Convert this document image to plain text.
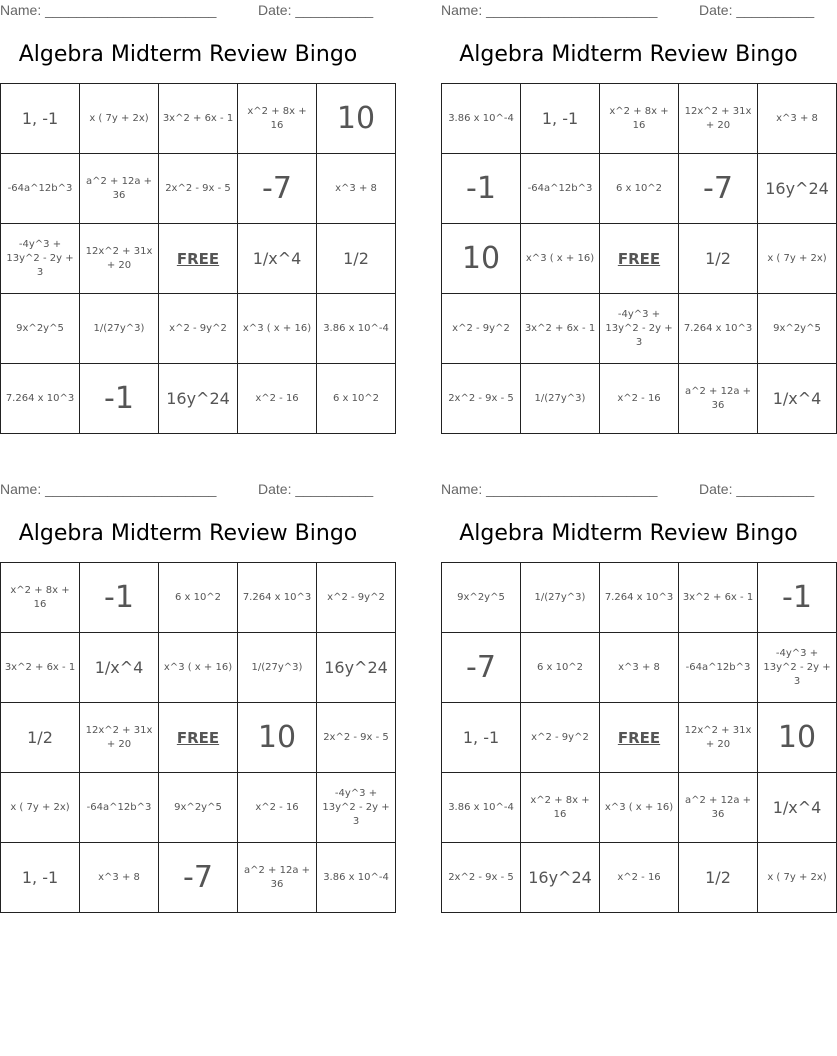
Name: ______________________	Date: __________
Algebra Midterm Review Bingo
1, -1	x ( 7y + 2x)	3x^2 + 6x - 1	x^2 + 8x + 16	10
-64a^12b^3	a^2 + 12a + 36	2x^2 - 9x - 5	-7	x^3 + 8
-4y^3 + 13y^2 - 2y + 3	12x^2 + 31x + 20	FREE	1/x^4	1/2
9x^2y^5	1/(27y^3)	x^2 - 9y^2	x^3 ( x + 16)	3.86 x 10^-4
7.264 x 10^3	-1	16y^24	x^2 - 16	6 x 10^2
Name: ______________________	Date: __________
Algebra Midterm Review Bingo
3.86 x 10^-4	1, -1	x^2 + 8x + 16	12x^2 + 31x + 20	x^3 + 8
-1	-64a^12b^3	6 x 10^2	-7	16y^24
10	x^3 ( x + 16)	FREE	1/2	x ( 7y + 2x)
x^2 - 9y^2	3x^2 + 6x - 1	-4y^3 + 13y^2 - 2y + 3	7.264 x 10^3	9x^2y^5
2x^2 - 9x - 5	1/(27y^3)	x^2 - 16	a^2 + 12a + 36	1/x^4
Name: ______________________	Date: __________
Algebra Midterm Review Bingo
x^2 + 8x + 16	-1	6 x 10^2	7.264 x 10^3	x^2 - 9y^2
3x^2 + 6x - 1	1/x^4	x^3 ( x + 16)	1/(27y^3)	16y^24
1/2	12x^2 + 31x + 20	FREE	10	2x^2 - 9x - 5
x ( 7y + 2x)	-64a^12b^3	9x^2y^5	x^2 - 16	-4y^3 + 13y^2 - 2y + 3
1, -1	x^3 + 8	-7	a^2 + 12a + 36	3.86 x 10^-4
Name: ______________________	Date: __________
Algebra Midterm Review Bingo
9x^2y^5	1/(27y^3)	7.264 x 10^3	3x^2 + 6x - 1	-1
-7	6 x 10^2	x^3 + 8	-64a^12b^3	-4y^3 + 13y^2 - 2y + 3
1, -1	x^2 - 9y^2	FREE	12x^2 + 31x + 20	10
3.86 x 10^-4	x^2 + 8x + 16	x^3 ( x + 16)	a^2 + 12a + 36	1/x^4
2x^2 - 9x - 5	16y^24	x^2 - 16	1/2	x ( 7y + 2x)
